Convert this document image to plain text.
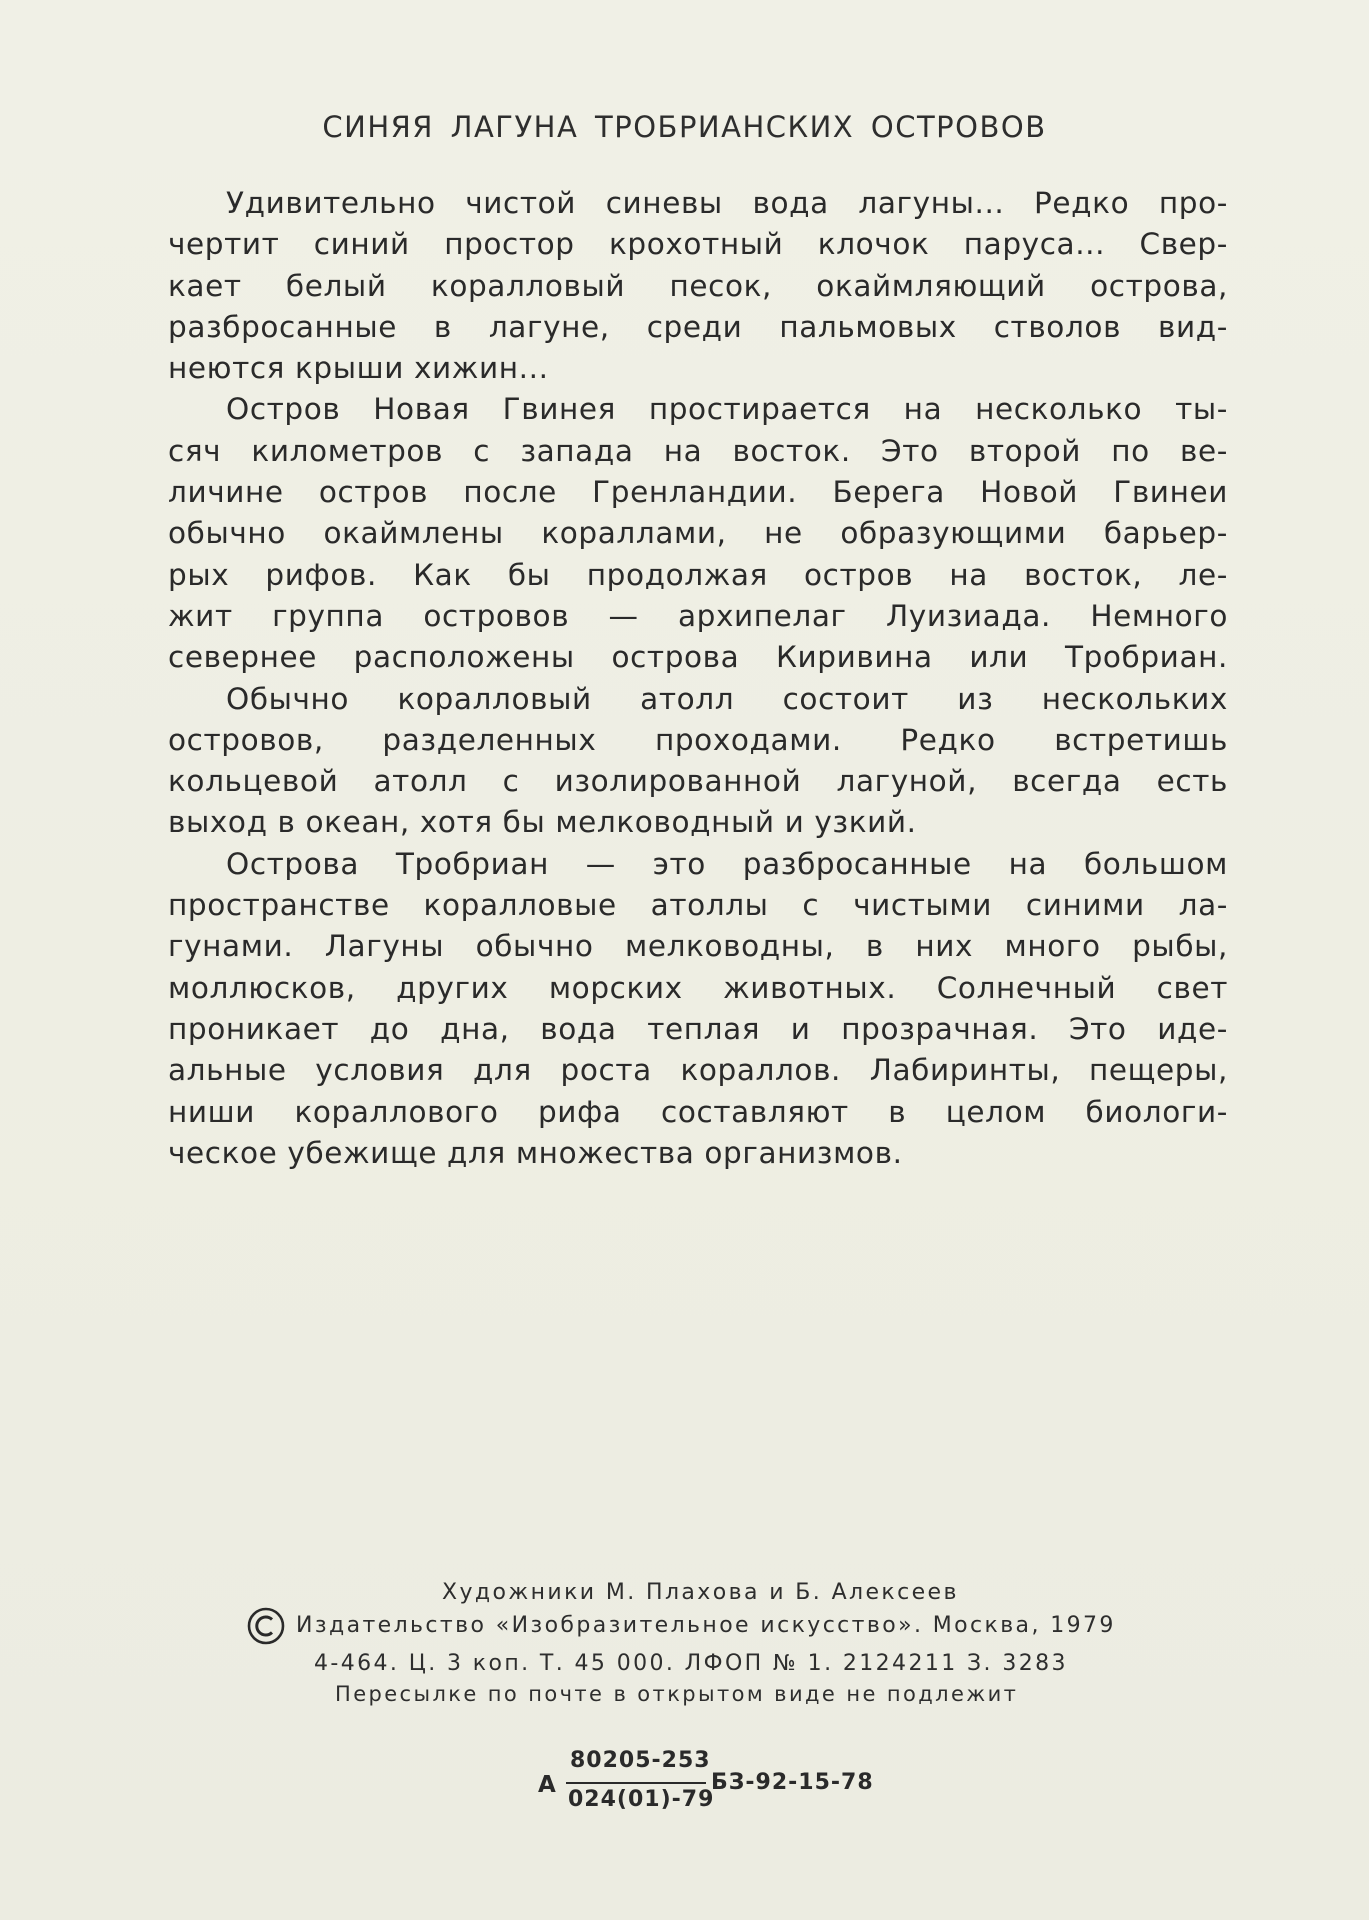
СИНЯЯ ЛАГУНА ТРОБРИАНСКИХ ОСТРОВОВ
Удивительно чистой синевы вода лагуны... Редко про-
чертит синий простор крохотный клочок паруса... Свер-
кает белый коралловый песок, окаймляющий острова,
разбросанные в лагуне, среди пальмовых стволов вид-
неются крыши хижин...
Остров Новая Гвинея простирается на несколько ты-
сяч километров с запада на восток. Это второй по ве-
личине остров после Гренландии. Берега Новой Гвинеи
обычно окаймлены кораллами, не образующими барьер-
рых рифов. Как бы продолжая остров на восток, ле-
жит группа островов — архипелаг Луизиада. Немного
севернее расположены острова Киривина или Тробриан.
Обычно коралловый атолл состоит из нескольких
островов, разделенных проходами. Редко встретишь
кольцевой атолл с изолированной лагуной, всегда есть
выход в океан, хотя бы мелководный и узкий.
Острова Тробриан — это разбросанные на большом
пространстве коралловые атоллы с чистыми синими ла-
гунами. Лагуны обычно мелководны, в них много рыбы,
моллюсков, других морских животных. Солнечный свет
проникает до дна, вода теплая и прозрачная. Это иде-
альные условия для роста кораллов. Лабиринты, пещеры,
ниши кораллового рифа составляют в целом биологи-
ческое убежище для множества организмов.
Художники М. Плахова и Б. Алексеев
Издательство «Изобразительное искусство». Москва, 1979
4-464. Ц. 3 коп. Т. 45 000. ЛФОП № 1. 2124211 З. 3283
Пересылке по почте в открытом виде не подлежит
А
80205-253
024(01)-79
БЗ-92-15-78
